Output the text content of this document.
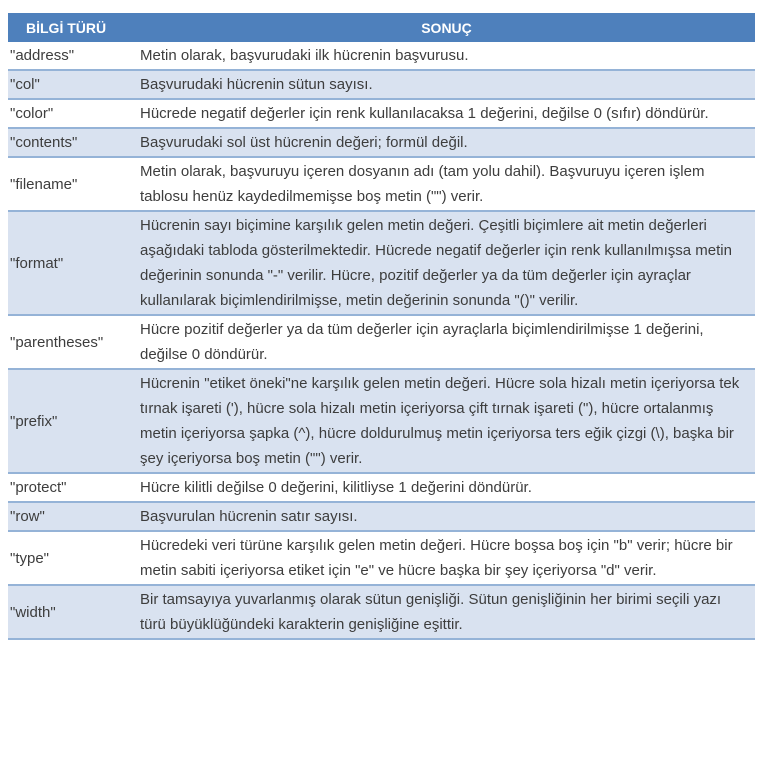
BİLGİ TÜRÜ	SONUÇ
"address"	Metin olarak, başvurudaki ilk hücrenin başvurusu.
"col"	Başvurudaki hücrenin sütun sayısı.
"color"	Hücrede negatif değerler için renk kullanılacaksa 1 değerini, değilse 0 (sıfır) döndürür.
"contents"	Başvurudaki sol üst hücrenin değeri; formül değil.
"filename"	Metin olarak, başvuruyu içeren dosyanın adı (tam yolu dahil). Başvuruyu içeren işlem tablosu henüz kaydedilmemişse boş metin ("") verir.
"format"	Hücrenin sayı biçimine karşılık gelen metin değeri. Çeşitli biçimlere ait metin değerleri aşağıdaki tabloda gösterilmektedir. Hücrede negatif değerler için renk kullanılmışsa metin değerinin sonunda "-" verilir. Hücre, pozitif değerler ya da tüm değerler için ayraçlar kullanılarak biçimlendirilmişse, metin değerinin sonunda "()" verilir.
"parentheses"	Hücre pozitif değerler ya da tüm değerler için ayraçlarla biçimlendirilmişse 1 değerini, değilse 0 döndürür.
"prefix"	Hücrenin "etiket öneki"ne karşılık gelen metin değeri. Hücre sola hizalı metin içeriyorsa tek tırnak işareti ('), hücre sola hizalı metin içeriyorsa çift tırnak işareti ("), hücre ortalanmış metin içeriyorsa şapka (^), hücre doldurulmuş metin içeriyorsa ters eğik çizgi (\), başka bir şey içeriyorsa boş metin ("") verir.
"protect"	Hücre kilitli değilse 0 değerini, kilitliyse 1 değerini döndürür.
"row"	Başvurulan hücrenin satır sayısı.
"type"	Hücredeki veri türüne karşılık gelen metin değeri. Hücre boşsa boş için "b" verir; hücre bir metin sabiti içeriyorsa etiket için "e" ve hücre başka bir şey içeriyorsa "d" verir.
"width"	Bir tamsayıya yuvarlanmış olarak sütun genişliği. Sütun genişliğinin her birimi seçili yazı türü büyüklüğündeki karakterin genişliğine eşittir.
